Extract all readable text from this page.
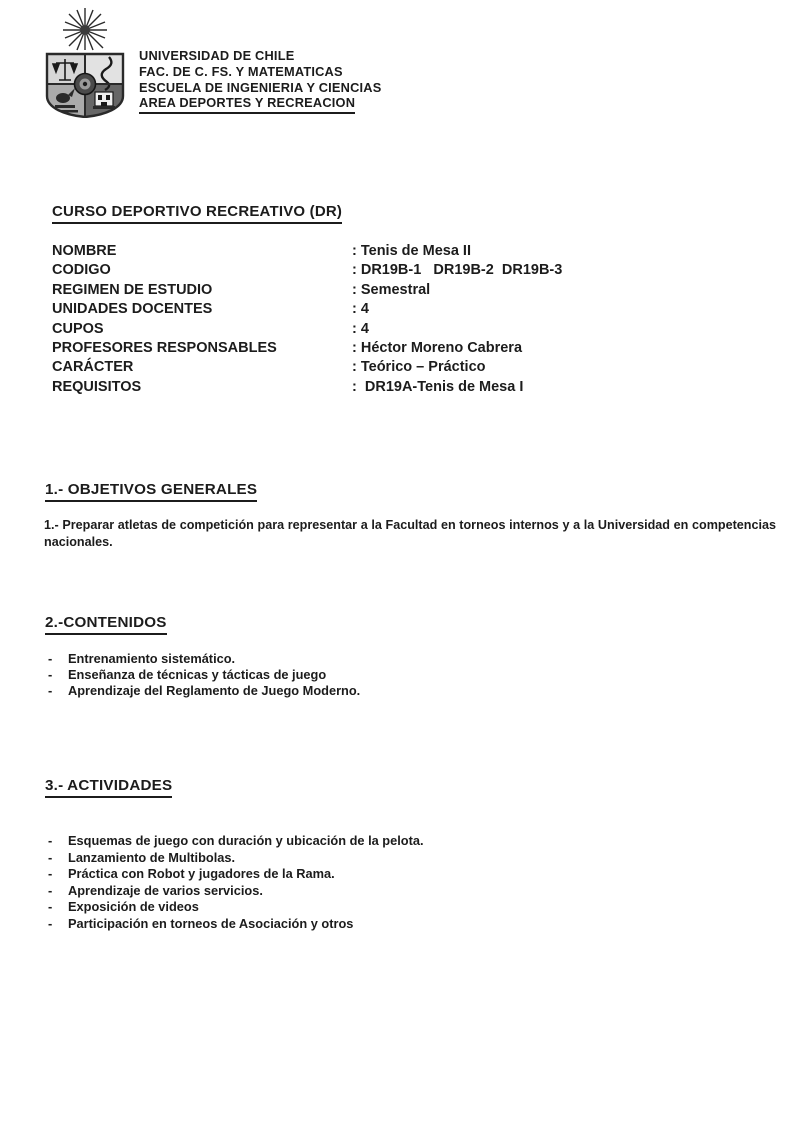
UNIVERSIDAD DE CHILE
FAC. DE C. FS. Y MATEMATICAS
ESCUELA DE INGENIERIA Y CIENCIAS
AREA DEPORTES Y RECREACION
CURSO DEPORTIVO RECREATIVO (DR)
NOMBRE	: Tenis de Mesa II
CODIGO	: DR19B-1   DR19B-2  DR19B-3
REGIMEN DE ESTUDIO	: Semestral
UNIDADES DOCENTES	: 4
CUPOS	: 4
PROFESORES RESPONSABLES	: Héctor Moreno Cabrera
CARÁCTER	: Teórico – Práctico
REQUISITOS	:  DR19A-Tenis de Mesa I
1.- OBJETIVOS GENERALES

1.- Preparar atletas de competición para representar a la Facultad en torneos internos y a la Universidad en competencias nacionales.

2.-CONTENIDOS
-	Entrenamiento sistemático.
-	Enseñanza de técnicas y tácticas de juego
-	Aprendizaje del Reglamento de Juego Moderno.
3.- ACTIVIDADES
-	Esquemas de juego con duración y ubicación de la pelota.
-	Lanzamiento de Multibolas.
-	Práctica con Robot y jugadores de la Rama.
-	Aprendizaje de varios servicios.
-	Exposición de videos
-	Participación en torneos de Asociación y otros
